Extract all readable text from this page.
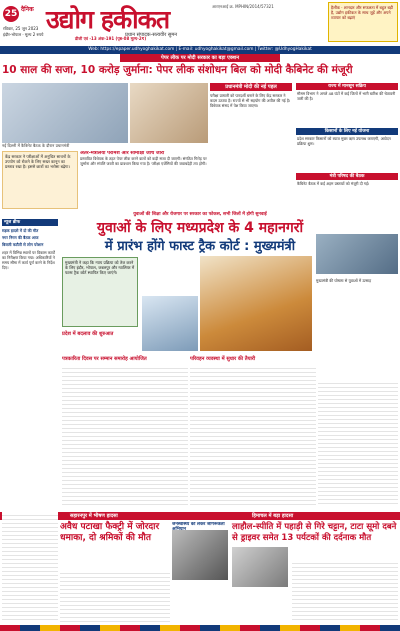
25 दैनिक उद्योग हकीकत
रविवार, 25 जून 2023
इंदौर-भोपाल · मूल्य 2 रुपये	प्रधान संपादक-सत्यवीर सुमन
आरएनआई क्र. MPHIN/2014/57321
डीजी एवं -13 अंक-191 (पृष्ठ-08 मूल्य-2₹)
हैलीक · शानदार और सफलता में बहुत बड़ी है, उद्योग हकीकत के साथ जुड़ें और अपने व्यापार को बढ़ाएं
Web: https://epaper.udhyoghakikat.com | E-mail: udhyoghakikat@gmail.com | Twitter: @UdhyogHakikat
पेपर लीक पर मोदी सरकार का बड़ा एक्शन
10 साल की सजा, 10 करोड़ जुर्माना: पेपर लीक संशोधन बिल को मोदी कैबिनेट की मंजूरी
नई दिल्ली में कैबिनेट बैठक के दौरान प्रधानमंत्री
केंद्र सरकार ने परीक्षाओं में अनुचित साधनों के उपयोग को रोकने के लिए सख्त कानून का प्रस्ताव रखा है। इससे छात्रों का भरोसा बढ़ेगा।
अंतर-मंत्रालयी परामर्श और सीमीक्षा जांच जारी
प्रस्तावित विधेयक के तहत पेपर लीक करने वालों को कड़ी सजा दी जाएगी। संगठित गिरोह पर जुर्माना और संपत्ति जब्ती का प्रावधान किया गया है। परीक्षा एजेंसियों की जवाबदेही तय होगी।
प्रधानमंत्री मोदी की नई पहल
परीक्षा प्रणाली को पारदर्शी बनाने के लिए केंद्र सरकार ने कदम उठाया है। राज्यों से भी सहयोग की अपील की गई है। विधेयक संसद में पेश किया जाएगा।
राज्य में मानसून सक्रिय
मौसम विभाग ने अगले 48 घंटों में कई जिलों में भारी बारिश की चेतावनी जारी की है।
किसानों के लिए नई योजना
प्रदेश सरकार किसानों को ब्याज मुक्त ऋण उपलब्ध कराएगी, आवेदन प्रक्रिया शुरू।
मंत्री परिषद की बैठक
कैबिनेट बैठक में कई अहम प्रस्तावों को मंजूरी दी गई।
युवाओं की शिक्षा और रोजगार पर सरकार का फोकस, सभी जिलों में होगी सुनवाई
युवाओं के लिए मध्यप्रदेश के 4 महानगरों
में प्रारंभ होंगे फास्ट ट्रैक कोर्ट : मुख्यमंत्री
न्यूज ब्रीफ
सड़क हादसे में दो की मौत
नगर निगम की बैठक आज
बिजली कटौती से लोग परेशान
शहर में विभिन्न स्थानों पर विकास कार्यों का निरीक्षण किया गया। अधिकारियों ने समय सीमा में कार्य पूर्ण करने के निर्देश दिए।
मुख्यमंत्री ने कहा कि न्याय प्रक्रिया को तेज करने के लिए इंदौर, भोपाल, जबलपुर और ग्वालियर में फास्ट ट्रैक कोर्ट स्थापित किए जाएंगे।
मुख्यमंत्री की घोषणा से युवाओं में उत्साह
प्रदेश में बदलाव की शुरुआत
पत्रकारिता दिवस पर सम्मान समारोह आयोजित	परिवहन व्यवस्था में सुधार की तैयारी
सहारनपुर में भीषण हादसा	हिमाचल में बड़ा हादसा
अवैध पटाखा फैक्ट्री में जोरदार धमाका, दो श्रमिकों की मौत
जनस्वास्थ्य को लेकर जागरूकता लाहौल-स्पीति में पहाड़ी से गिरे चट्टान, टाटा सूमो दबने से ड्राइवर समेत 13 पर्यटकों की दर्दनाक मौत
